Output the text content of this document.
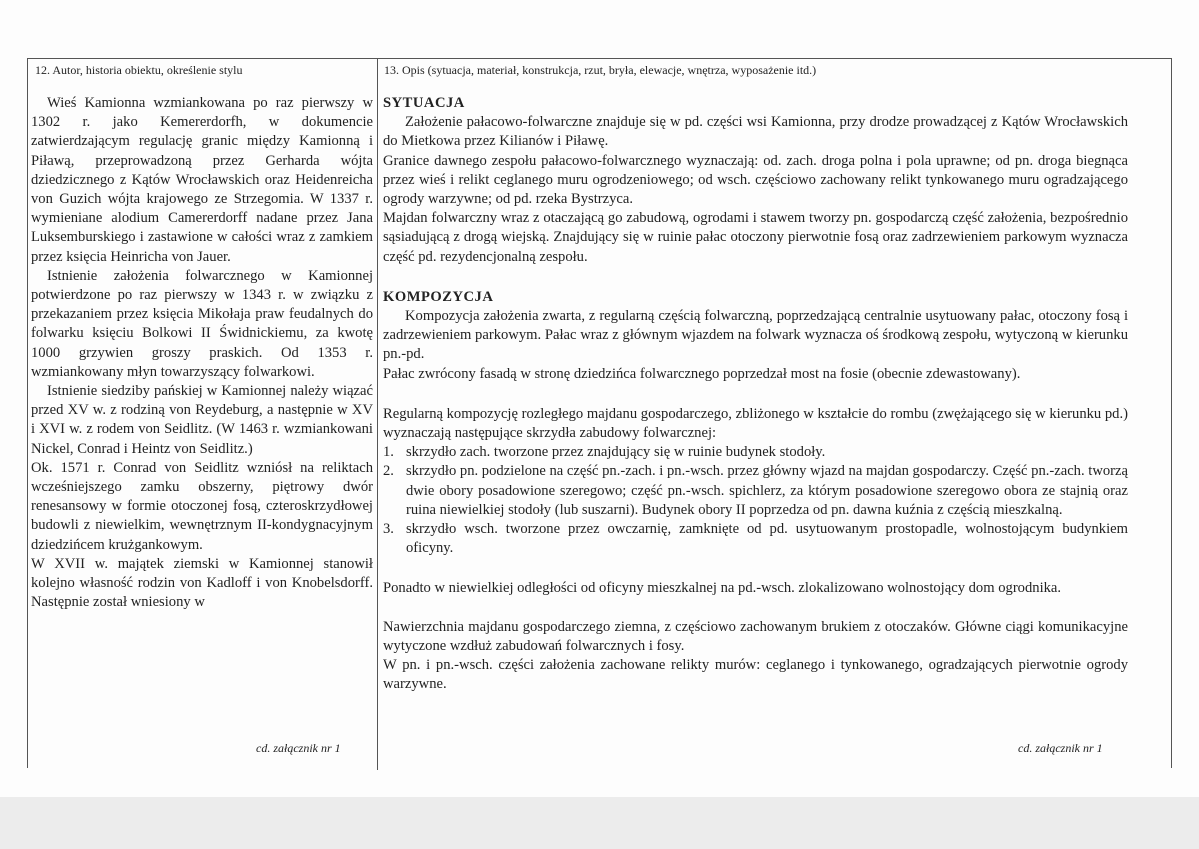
12. Autor, historia obiektu, określenie stylu	13. Opis (sytuacja, materiał, konstrukcja, rzut, bryła, elewacje, wnętrza, wyposażenie itd.)

Wieś Kamionna wzmiankowana po raz pierwszy w 1302 r. jako Kemererdorfh, w dokumencie zatwierdzającym regulację granic między Kamionną i Piławą, przeprowadzoną przez Gerharda wójta dziedzicznego z Kątów Wrocławskich oraz Heidenreicha von Guzich wójta krajowego ze Strzegomia. W 1337 r. wymieniane alodium Camererdorff nadane przez Jana Luksemburskiego i zastawione w całości wraz z zamkiem przez księcia Heinricha von Jauer.

Istnienie założenia folwarcznego w Kamionnej potwierdzone po raz pierwszy w 1343 r. w związku z przekazaniem przez księcia Mikołaja praw feudalnych do folwarku księciu Bolkowi II Świdnickiemu, za kwotę 1000 grzywien groszy praskich. Od 1353 r. wzmiankowany młyn towarzyszący folwarkowi.

Istnienie siedziby pańskiej w Kamionnej należy wiązać przed XV w. z rodziną von Reydeburg, a następnie w XV i XVI w. z rodem von Seidlitz. (W 1463 r. wzmiankowani Nickel, Conrad i Heintz von Seidlitz.)

Ok. 1571 r. Conrad von Seidlitz wzniósł na reliktach wcześniejszego zamku obszerny, piętrowy dwór renesansowy w formie otoczonej fosą, czteroskrzydłowej budowli z niewielkim, wewnętrznym II-kondygnacyjnym dziedzińcem krużgankowym.

W XVII w. majątek ziemski w Kamionnej stanowił kolejno własność rodzin von Kadloff i von Knobelsdorff. Następnie został wniesiony w

SYTUACJA

Założenie pałacowo-folwarczne znajduje się w pd. części wsi Kamionna, przy drodze prowadzącej z Kątów Wrocławskich do Mietkowa przez Kilianów i Piławę.

Granice dawnego zespołu pałacowo-folwarcznego wyznaczają: od. zach. droga polna i pola uprawne; od pn. droga biegnąca przez wieś i relikt ceglanego muru ogrodzeniowego; od wsch. częściowo zachowany relikt tynkowanego muru ogradzającego ogrody warzywne; od pd. rzeka Bystrzyca.

Majdan folwarczny wraz z otaczającą go zabudową, ogrodami i stawem tworzy pn. gospodarczą część założenia, bezpośrednio sąsiadującą z drogą wiejską. Znajdujący się w ruinie pałac otoczony pierwotnie fosą oraz zadrzewieniem parkowym wyznacza część pd. rezydencjonalną zespołu.

KOMPOZYCJA

Kompozycja założenia zwarta, z regularną częścią folwarczną, poprzedzającą centralnie usytuowany pałac, otoczony fosą i zadrzewieniem parkowym. Pałac wraz z głównym wjazdem na folwark wyznacza oś środkową zespołu, wytyczoną w kierunku pn.-pd.

Pałac zwrócony fasadą w stronę dziedzińca folwarcznego poprzedzał most na fosie (obecnie zdewastowany).

Regularną kompozycję rozległego majdanu gospodarczego, zbliżonego w kształcie do rombu (zwężającego się w kierunku pd.) wyznaczają następujące skrzydła zabudowy folwarcznej:

1. skrzydło zach. tworzone przez znajdujący się w ruinie budynek stodoły.
2. skrzydło pn. podzielone na część pn.-zach. i pn.-wsch. przez główny wjazd na majdan gospodarczy. Część pn.-zach. tworzą dwie obory posadowione szeregowo; część pn.-wsch. spichlerz, za którym posadowione szeregowo obora ze stajnią oraz ruina niewielkiej stodoły (lub suszarni). Budynek obory II poprzedza od pn. dawna kuźnia z częścią mieszkalną.
3. skrzydło wsch. tworzone przez owczarnię, zamknięte od pd. usytuowanym prostopadle, wolnostojącym budynkiem oficyny.

Ponadto w niewielkiej odległości od oficyny mieszkalnej na pd.-wsch. zlokalizowano wolnostojący dom ogrodnika.

Nawierzchnia majdanu gospodarczego ziemna, z częściowo zachowanym brukiem z otoczaków. Główne ciągi komunikacyjne wytyczone wzdłuż zabudowań folwarcznych i fosy.

W pn. i pn.-wsch. części założenia zachowane relikty murów: ceglanego i tynkowanego, ogradzających pierwotnie ogrody warzywne.

cd. załącznik nr 1	cd. załącznik nr 1
